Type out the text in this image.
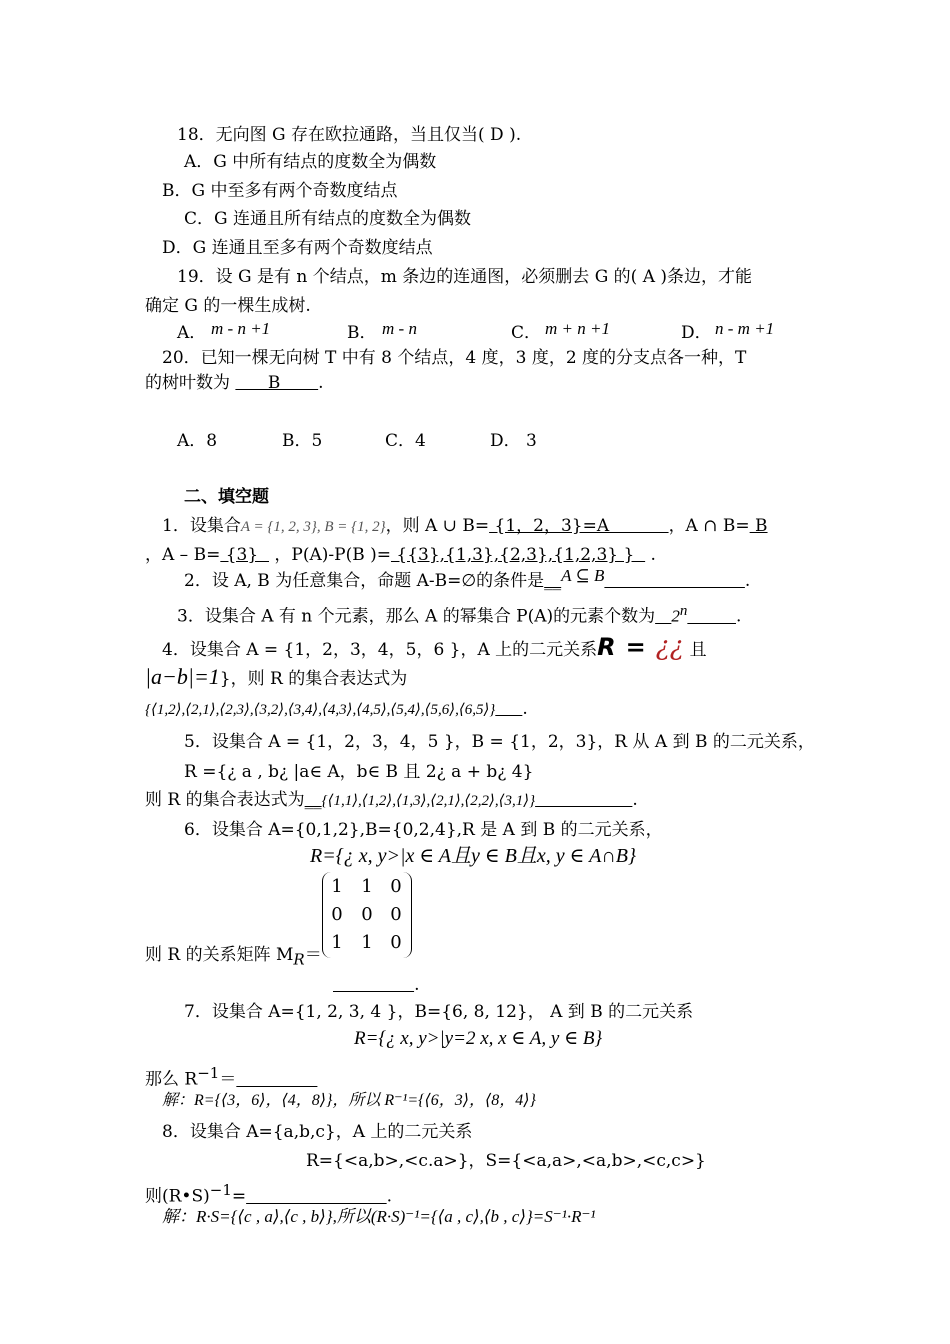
18．无向图 G 存在欧拉通路，当且仅当( D ).
A．G 中所有结点的度数全为偶数
B．G 中至多有两个奇数度结点
C．G 连通且所有结点的度数全为偶数
D．G 连通且至多有两个奇数度结点
19．设 G 是有 n 个结点，m 条边的连通图，必须删去 G 的( A )条边，才能
确定 G 的一棵生成树.
A． m - n +1	B． m - n	C． m + n +1	D． n - m +1
20．已知一棵无向树 T 中有 8 个结点，4 度，3 度，2 度的分支点各一种，T
的树叶数为       B       .
A．8	B．5	C．4	D． 3
二、填空题
1．设集合A = {1, 2, 3}, B = {1, 2}，则 A ∪ B= {1，2，3}=A           ，A ∩ B= B
，A – B= {3}   ，P(A)-P(B )= {{3},{1,3},{2,3},{1,2,3} }   .
2．设 A, B 为任意集合，命题 A-B=∅的条件是__A ⊆ B	.
3．设集合 A 有 n 个元素，那么 A 的幂集合 P(A)的元素个数为 2$^n$	.
4．设集合 A = {1，2，3，4，5，6 }，A 上的二元关系R = ¿¿ 且
|a−b|=1}，则 R 的集合表达式为
{⟨1,2⟩,⟨2,1⟩,⟨2,3⟩,⟨3,2⟩,⟨3,4⟩,⟨4,3⟩,⟨4,5⟩,⟨5,4⟩,⟨5,6⟩,⟨6,5⟩} .
5．设集合 A = {1，2，3，4，5 }，B = {1，2，3}，R 从 A 到 B 的二元关系，
R ={¿ a , b¿ |a∈ A，b∈ B 且 2¿ a + b¿ 4}
则 R 的集合表达式为__{⟨1,1⟩,⟨1,2⟩,⟨1,3⟩,⟨2,1⟩,⟨2,2⟩,⟨3,1⟩}	.
6．设集合 A={0,1,2},B={0,2,4},R 是 A 到 B 的二元关系，
R={¿ x, y>|x ∈ A且y ∈ B且x, y ∈ A∩B}
1 1 0
0 0 0
1 1 0
则 R 的关系矩阵 $M_R=$
.
7．设集合 A={1, 2, 3, 4 }，B={6, 8, 12}， A 到 B 的二元关系
R={¿ x, y>|y=2 x, x ∈ A, y ∈ B}
那么 $R^{-1}=$
解：R={⟨3，6⟩，⟨4，8⟩}，所以 R⁻¹={⟨6，3⟩，⟨8，4⟩}
8．设集合 A={a,b,c}，A 上的二元关系
R={<a,b>,<c.a>}，S={<a,a>,<a,b>,<c,c>}
则(R•S)$^{-1}$=	.
解：R·S={⟨c , a⟩,⟨c , b⟩},所以(R·S)⁻¹={⟨a , c⟩,⟨b , c⟩}=S⁻¹·R⁻¹
